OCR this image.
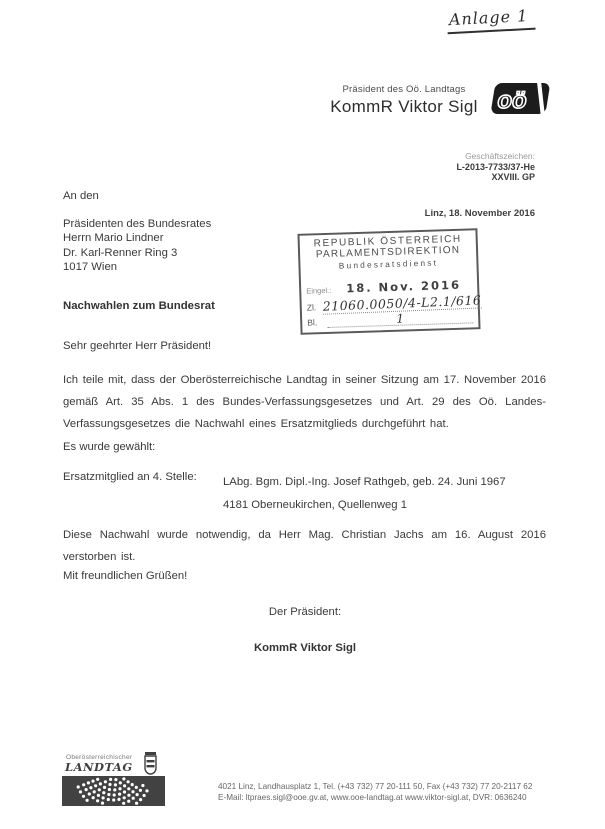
Anlage 1
Präsident des Oö. Landtags
KommR Viktor Sigl oö
Geschäftszeichen:
L-2013-7733/37-He
XXVIII. GP
An den
Präsidenten des Bundesrates
Herrn Mario Lindner
Dr. Karl-Renner Ring 3
1017 Wien
Linz, 18. November 2016
REPUBLIK ÖSTERREICH
PARLAMENTSDIREKTION
Bundesratsdienst
Eingel.: 18. Nov. 2016
Zl. 21060.0050/4-L2.1/616
Bl.	1
Nachwahlen zum Bundesrat
Sehr geehrter Herr Präsident!
Ich teile mit, dass der Oberösterreichische Landtag in seiner Sitzung am 17. November 2016 gemäß Art. 35 Abs. 1 des Bundes-Verfassungsgesetzes und Art. 29 des Oö. Landes-Verfassungsgesetzes die Nachwahl eines Ersatzmitglieds durchgeführt hat.
Es wurde gewählt:
Ersatzmitglied an 4. Stelle: LAbg. Bgm. Dipl.-Ing. Josef Rathgeb, geb. 24. Juni 1967
4181 Oberneukirchen, Quellenweg 1
Diese Nachwahl wurde notwendig, da Herr Mag. Christian Jachs am 16. August 2016 verstorben ist.
Mit freundlichen Grüßen!
Der Präsident:
KommR Viktor Sigl
Oberösterreichischer
LANDTAG
4021 Linz, Landhausplatz 1, Tel. (+43 732) 77 20-111 50, Fax (+43 732) 77 20-2117 62
E-Mail: ltpraes.sigl@ooe.gv.at, www.ooe-landtag.at www.viktor-sigl.at, DVR: 0636240
